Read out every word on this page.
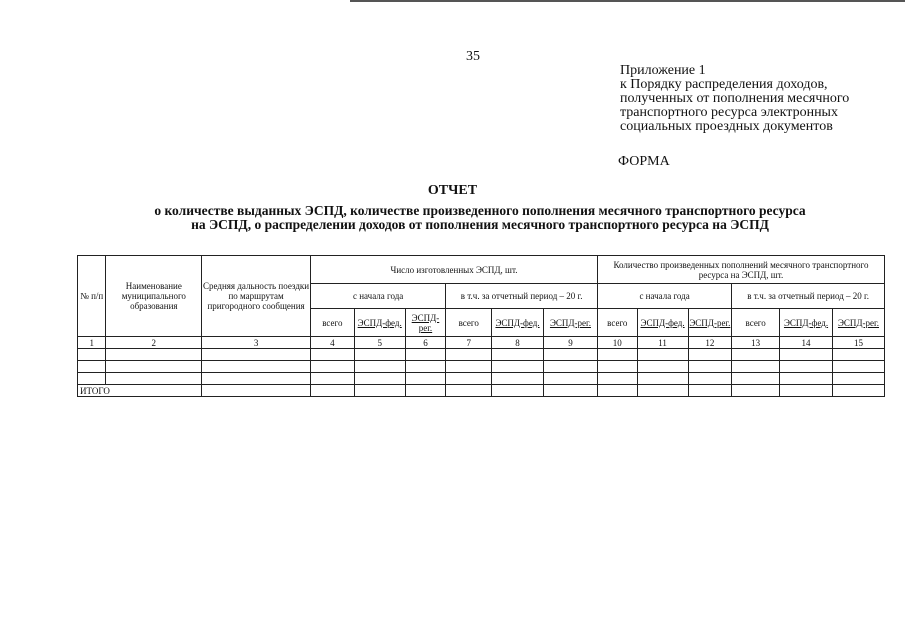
35
Приложение 1
к Порядку распределения доходов,
полученных от пополнения месячного
транспортного ресурса электронных
социальных проездных документов
ФОРМА
ОТЧЕТ
о количестве выданных ЭСПД, количестве произведенного пополнения месячного транспортного ресурса
на ЭСПД, о распределении доходов от пополнения месячного транспортного ресурса на ЭСПД
№ п/п	Наименование муниципального образования	Средняя дальность поездки по маршрутам пригородного сообщения	Число изготовленных ЭСПД, шт.						Количество произведенных пополнений месячного транспортного ресурса на ЭСПД, шт.					
			с начала года			в т.ч. за отчетный период – 20 г.			с начала года			в т.ч. за отчетный период – 20 г.		
			всего	ЭСПД-фед.	ЭСПД-рег.	всего	ЭСПД-фед.	ЭСПД-рег.	всего	ЭСПД-фед.	ЭСПД-рег.	всего	ЭСПД-фед.	ЭСПД-рег.
1	2	3	4	5	6	7	8	9	10	11	12	13	14	15

ИТОГО														
